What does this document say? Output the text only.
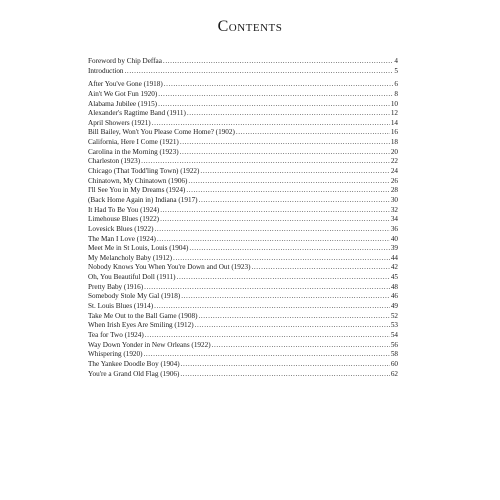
Contents
Foreword by Chip Deffaa .....	4
Introduction .....	5
After You've Gone (1918) .....	6
Ain't We Got Fun 1920) .....	8
Alabama Jubilee (1915) .....	10
Alexander's Ragtime Band (1911) .....	12
April Showers (1921) .....	14
Bill Bailey, Won't You Please Come Home? (1902) .....	16
California, Here I Come (1921) .....	18
Carolina in the Morning (1923) .....	20
Charleston (1923) .....	22
Chicago (That Todd'ling Town) (1922) .....	24
Chinatown, My Chinatown (1906) .....	26
I'll See You in My Dreams (1924) .....	28
(Back Home Again in) Indiana (1917) .....	30
It Had To Be You (1924) .....	32
Limehouse Blues (1922) .....	34
Lovesick Blues (1922) .....	36
The Man I Love (1924) .....	40
Meet Me in St Louis, Louis (1904) .....	39
My Melancholy Baby (1912) .....	44
Nobody Knows You When You're Down and Out (1923) .....	42
Oh, You Beautiful Doll (1911) .....	45
Pretty Baby (1916) .....	48
Somebody Stole My Gal (1918) .....	46
St. Louis Blues (1914) .....	49
Take Me Out to the Ball Game (1908) .....	52
When Irish Eyes Are Smiling (1912) .....	53
Tea for Two (1924) .....	54
Way Down Yonder in New Orleans (1922) .....	56
Whispering (1920) .....	58
The Yankee Doodle Boy (1904) .....	60
You're a Grand Old Flag (1906) .....	62
